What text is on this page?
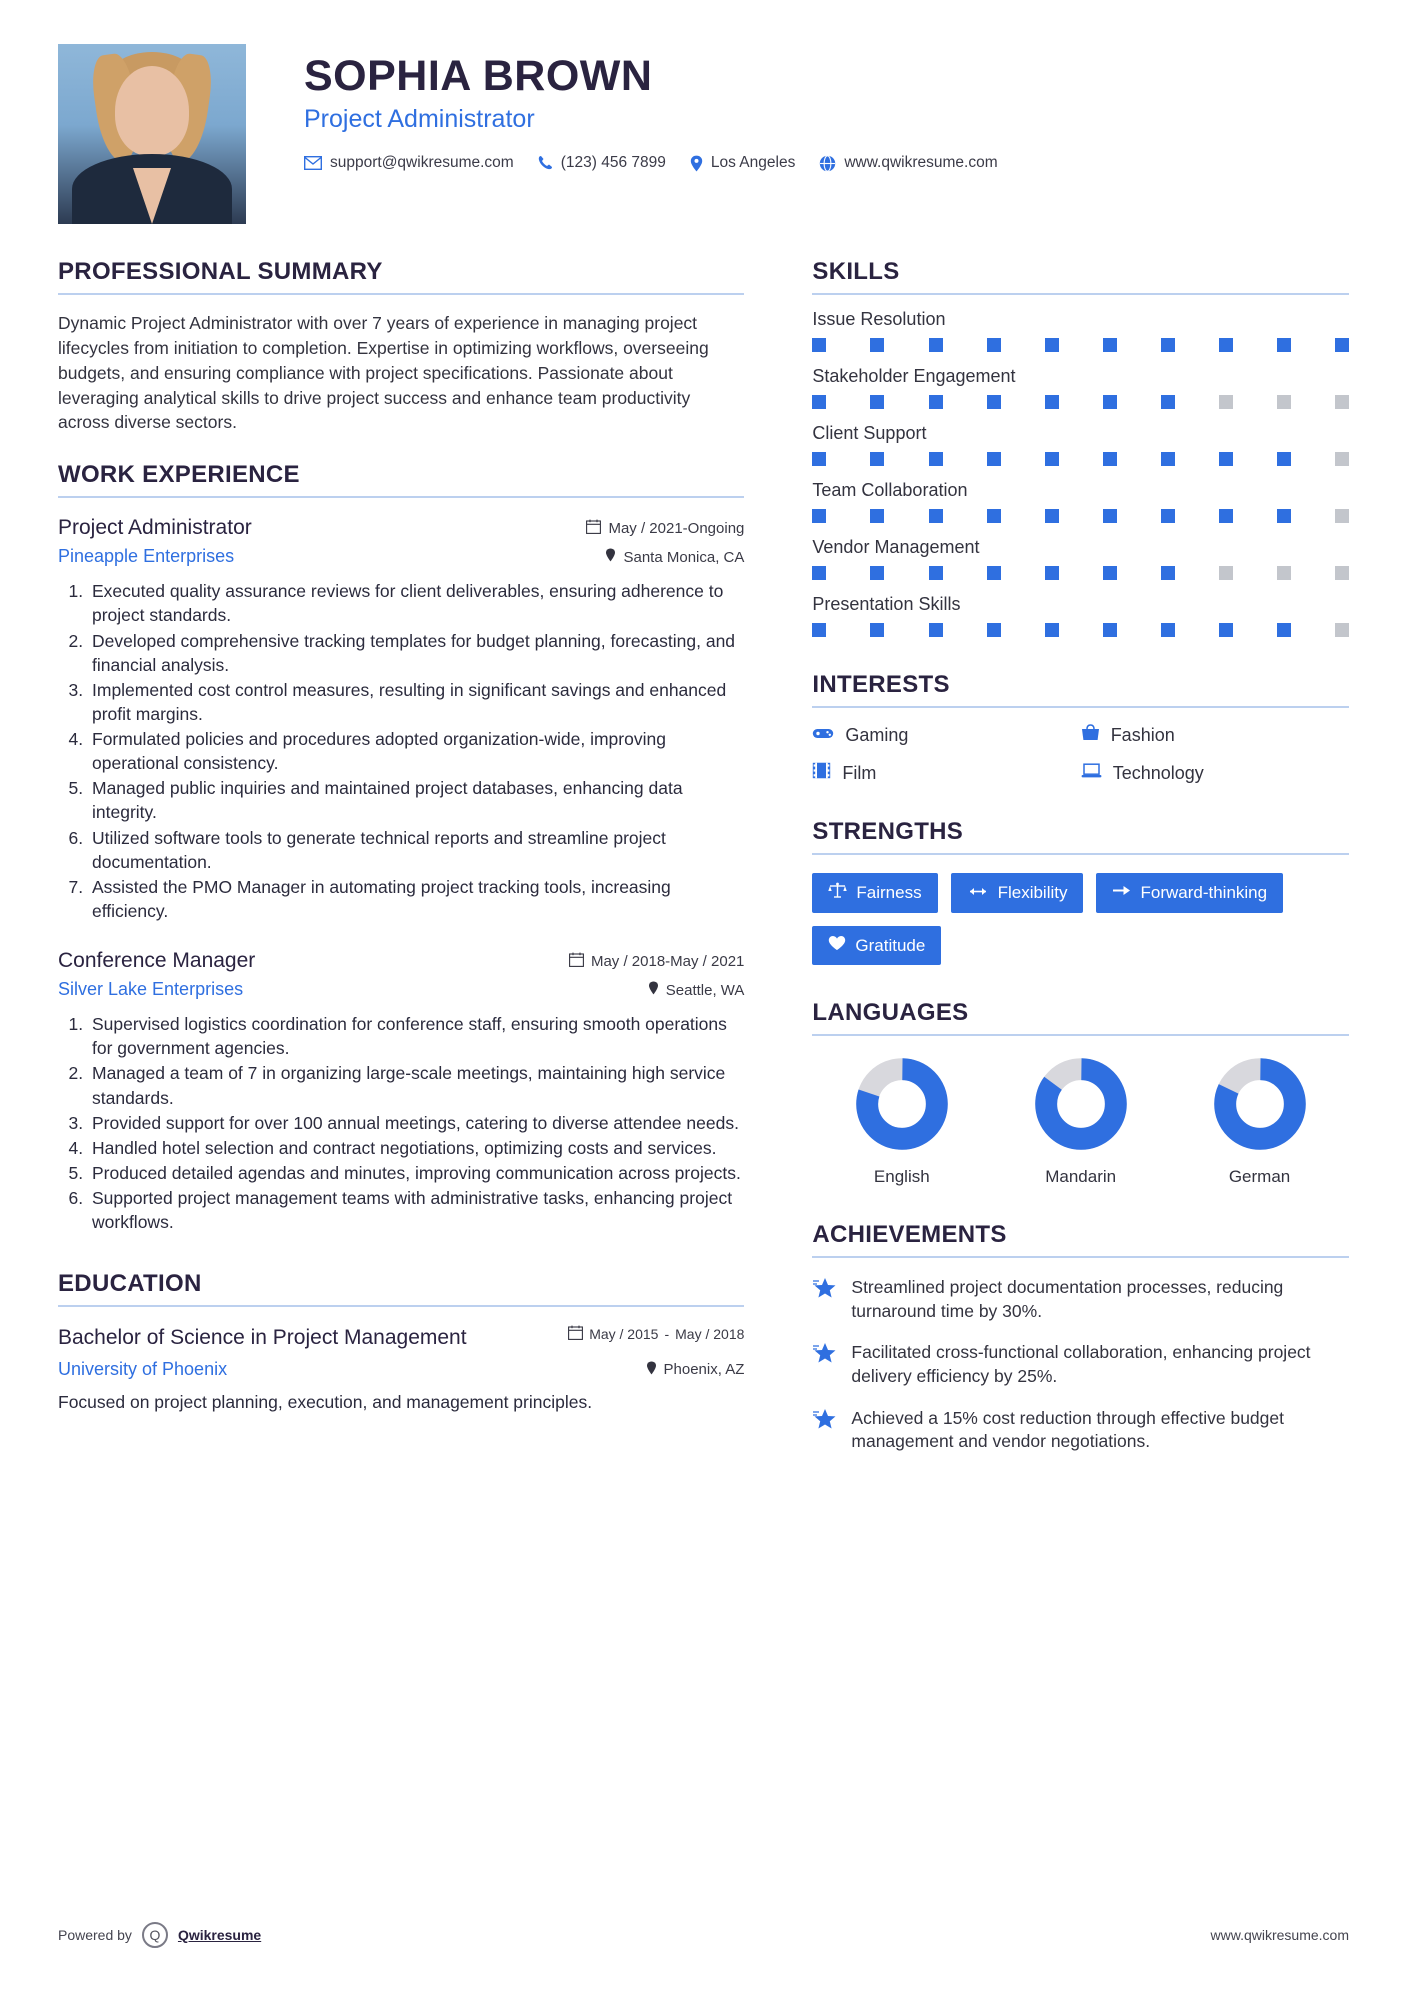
SOPHIA BROWN
Project Administrator
support@qwikresume.com	(123) 456 7899	Los Angeles	www.qwikresume.com
PROFESSIONAL SUMMARY
Dynamic Project Administrator with over 7 years of experience in managing project lifecycles from initiation to completion. Expertise in optimizing workflows, overseeing budgets, and ensuring compliance with project specifications. Passionate about leveraging analytical skills to drive project success and enhance team productivity across diverse sectors.
WORK EXPERIENCE
Project Administrator	May / 2021-Ongoing
Pineapple Enterprises	Santa Monica, CA
1. Executed quality assurance reviews for client deliverables, ensuring adherence to project standards.
2. Developed comprehensive tracking templates for budget planning, forecasting, and financial analysis.
3. Implemented cost control measures, resulting in significant savings and enhanced profit margins.
4. Formulated policies and procedures adopted organization-wide, improving operational consistency.
5. Managed public inquiries and maintained project databases, enhancing data integrity.
6. Utilized software tools to generate technical reports and streamline project documentation.
7. Assisted the PMO Manager in automating project tracking tools, increasing efficiency.
Conference Manager	May / 2018-May / 2021
Silver Lake Enterprises	Seattle, WA
1. Supervised logistics coordination for conference staff, ensuring smooth operations for government agencies.
2. Managed a team of 7 in organizing large-scale meetings, maintaining high service standards.
3. Provided support for over 100 annual meetings, catering to diverse attendee needs.
4. Handled hotel selection and contract negotiations, optimizing costs and services.
5. Produced detailed agendas and minutes, improving communication across projects.
6. Supported project management teams with administrative tasks, enhancing project workflows.
EDUCATION
Bachelor of Science in Project Management	May / 2015 - May / 2018
University of Phoenix	Phoenix, AZ
Focused on project planning, execution, and management principles.
SKILLS
Issue Resolution
Stakeholder Engagement
Client Support
Team Collaboration
Vendor Management
Presentation Skills
INTERESTS
Gaming	Fashion
Film	Technology
STRENGTHS
Fairness	Flexibility	Forward-thinking
Gratitude
LANGUAGES
English	Mandarin	German
ACHIEVEMENTS
Streamlined project documentation processes, reducing turnaround time by 30%.
Facilitated cross-functional collaboration, enhancing project delivery efficiency by 25%.
Achieved a 15% cost reduction through effective budget management and vendor negotiations.
Powered by	Q	Qwikresume	www.qwikresume.com
